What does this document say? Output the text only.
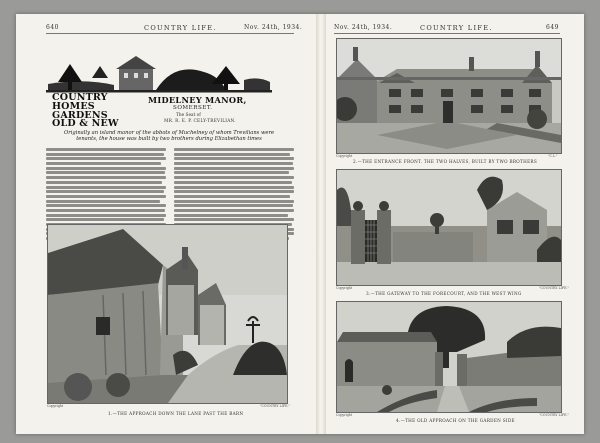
640	COUNTRY LIFE.	Nov. 24th, 1934.
COUNTRY
HOMES
GARDENS
OLD & NEW
MIDELNEY MANOR,
SOMERSET.
The Seat of
MR. R. E. P. CELY-TREVILIAN.
Originally an island manor of the abbots of Muchelney of whom Trevilians were tenants, the house was built by two brothers during Elizabethan times
Copyright	"COUNTRY LIFE."
1.—THE APPROACH DOWN THE LANE PAST THE BARN
Nov. 24th, 1934.	COUNTRY LIFE.	649
Copyright	"C.L."
2.—THE ENTRANCE FRONT. THE TWO HALVES, BUILT BY TWO BROTHERS
Copyright	"COUNTRY LIFE."
3.—THE GATEWAY TO THE FORECOURT, AND THE WEST WING
Copyright	"COUNTRY LIFE."
4.—THE OLD APPROACH ON THE GARDEN SIDE
